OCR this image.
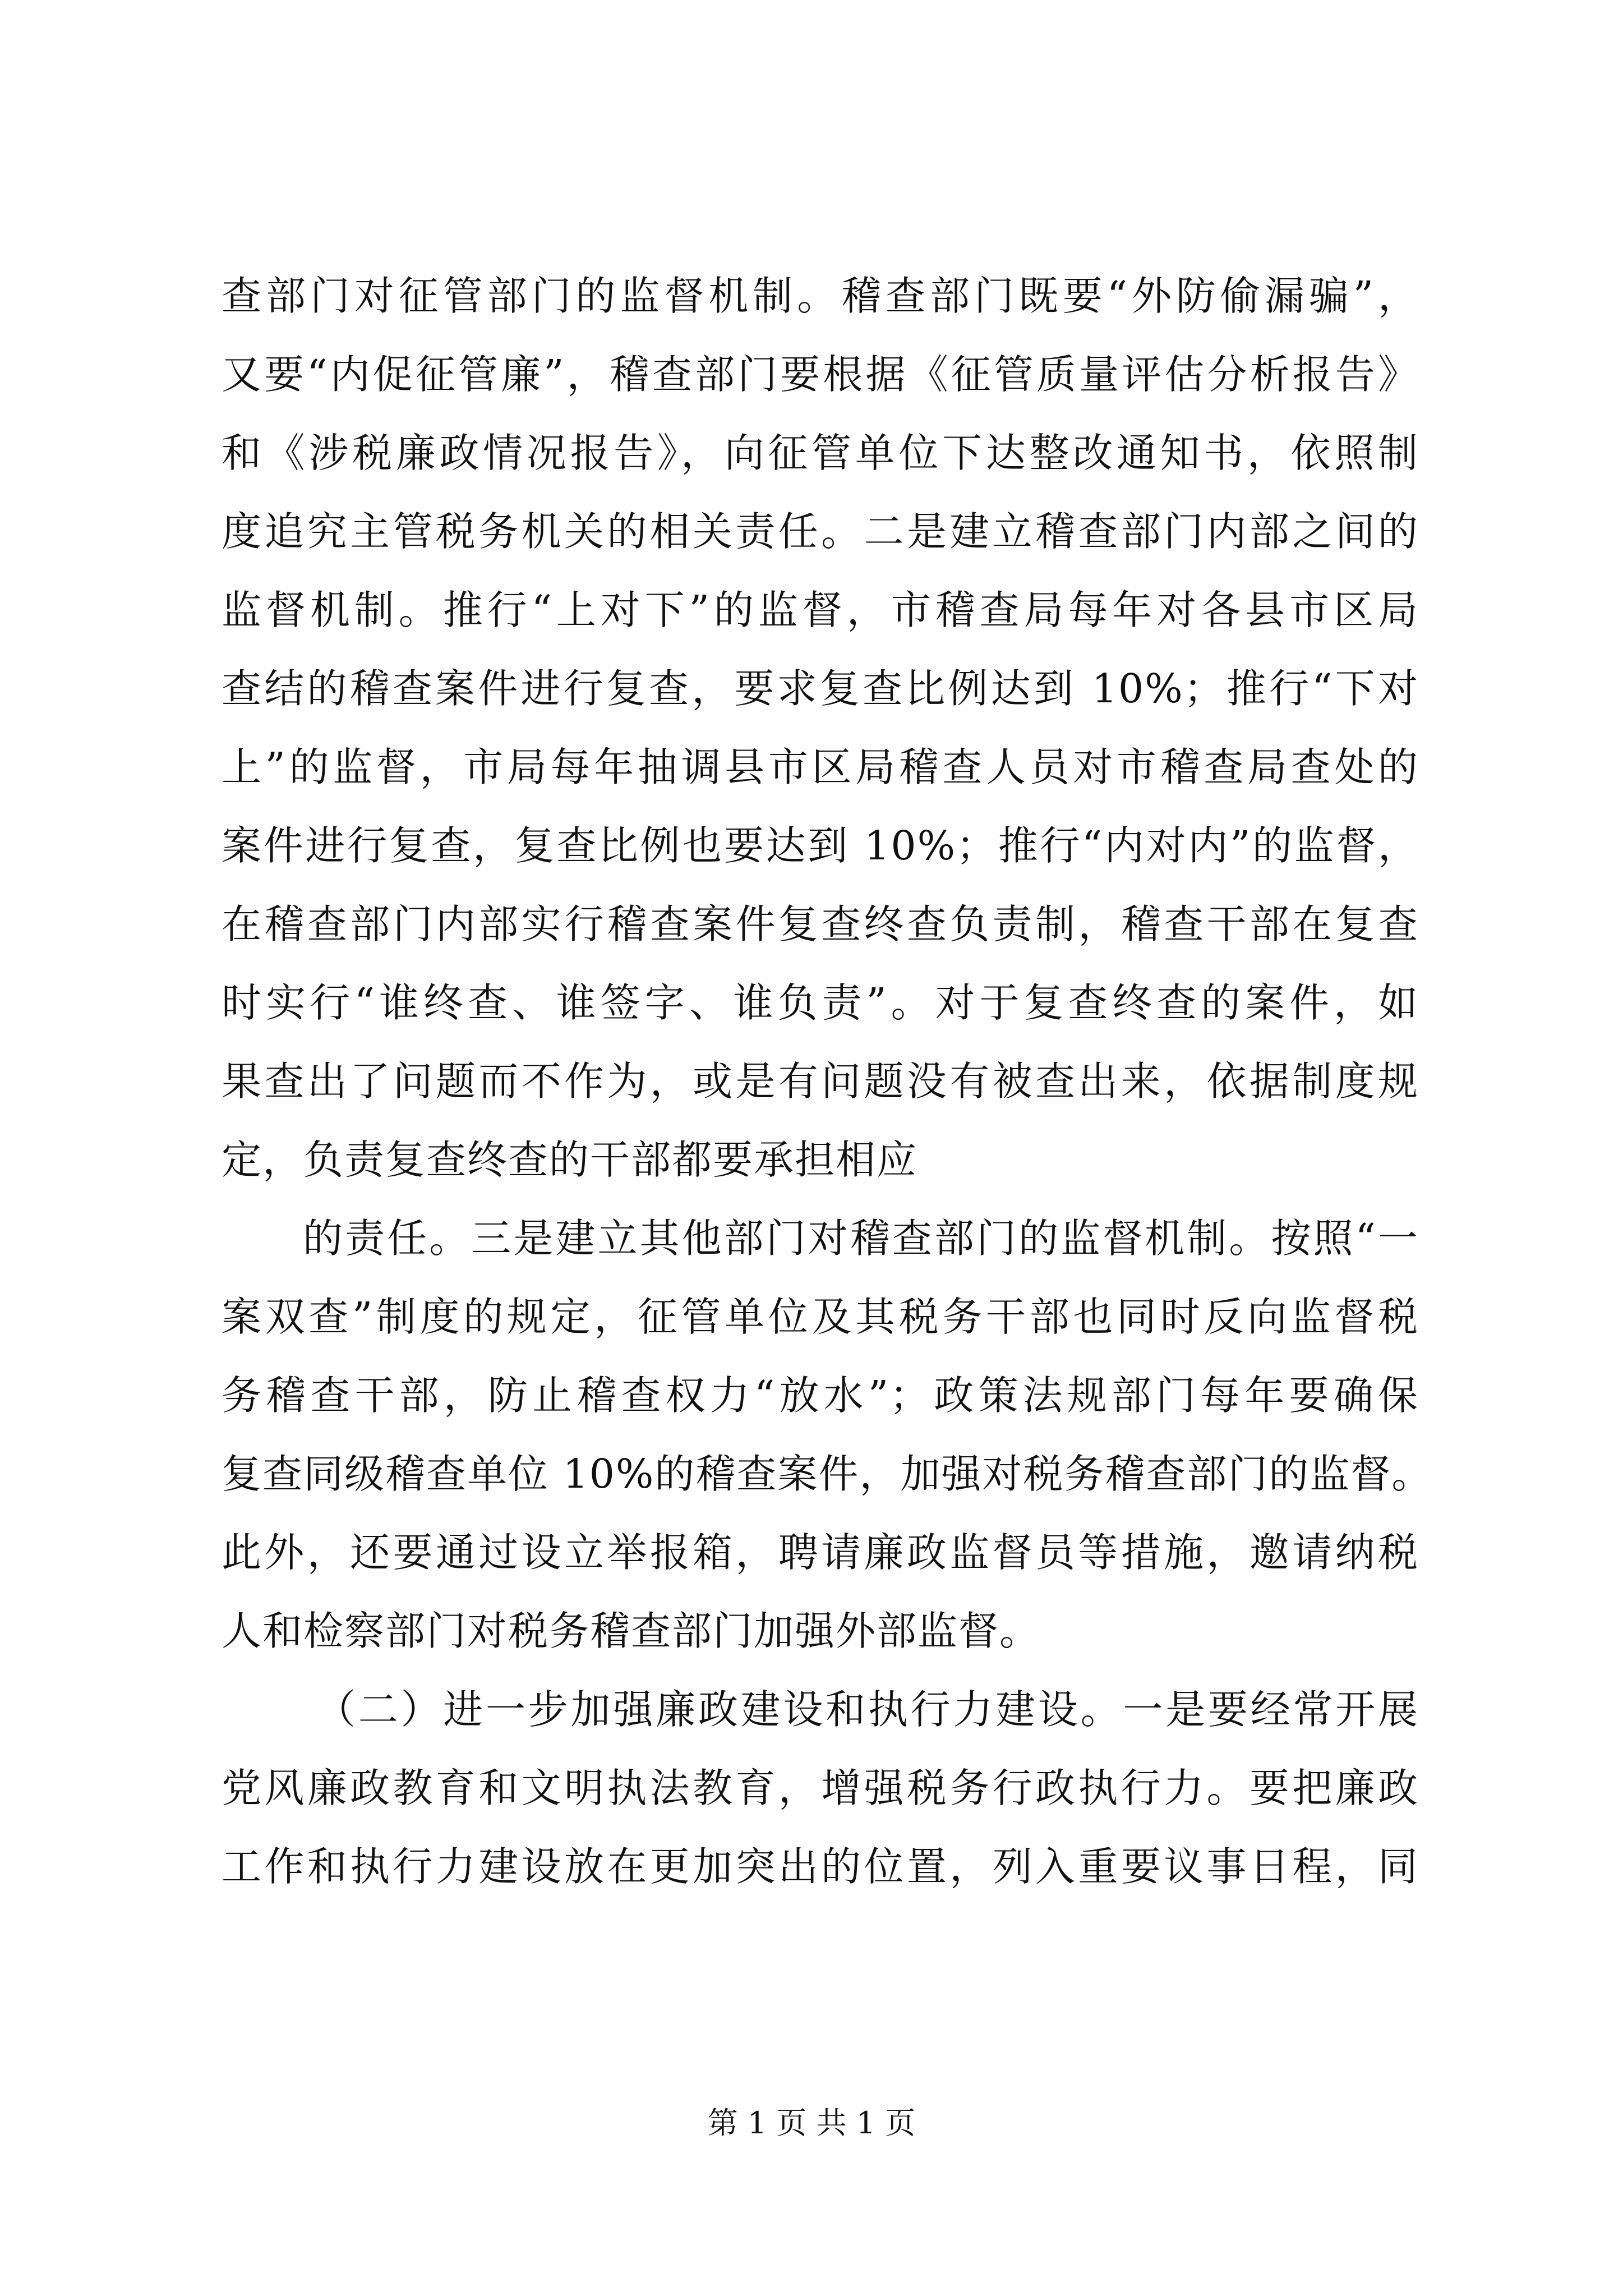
查部门对征管部门的监督机制。稽查部门既要“外防偷漏骗”，
又要“内促征管廉”，稽查部门要根据《征管质量评估分析报告》
和《涉税廉政情况报告》，向征管单位下达整改通知书，依照制
度追究主管税务机关的相关责任。二是建立稽查部门内部之间的
监督机制。推行“上对下”的监督，市稽查局每年对各县市区局
查结的稽查案件进行复查，要求复查比例达到 10%；推行“下对
上”的监督，市局每年抽调县市区局稽查人员对市稽查局查处的
案件进行复查，复查比例也要达到 10%；推行“内对内”的监督，
在稽查部门内部实行稽查案件复查终查负责制，稽查干部在复查
时实行“谁终查、谁签字、谁负责”。对于复查终查的案件，如
果查出了问题而不作为，或是有问题没有被查出来，依据制度规
定，负责复查终查的干部都要承担相应
的责任。三是建立其他部门对稽查部门的监督机制。按照“一
案双查”制度的规定，征管单位及其税务干部也同时反向监督税
务稽查干部，防止稽查权力“放水”；政策法规部门每年要确保
复查同级稽查单位 10%的稽查案件，加强对税务稽查部门的监督。
此外，还要通过设立举报箱，聘请廉政监督员等措施，邀请纳税
人和检察部门对税务稽查部门加强外部监督。
（二）进一步加强廉政建设和执行力建设。一是要经常开展
党风廉政教育和文明执法教育，增强税务行政执行力。要把廉政
工作和执行力建设放在更加突出的位置，列入重要议事日程，同
第 1 页 共 1 页
